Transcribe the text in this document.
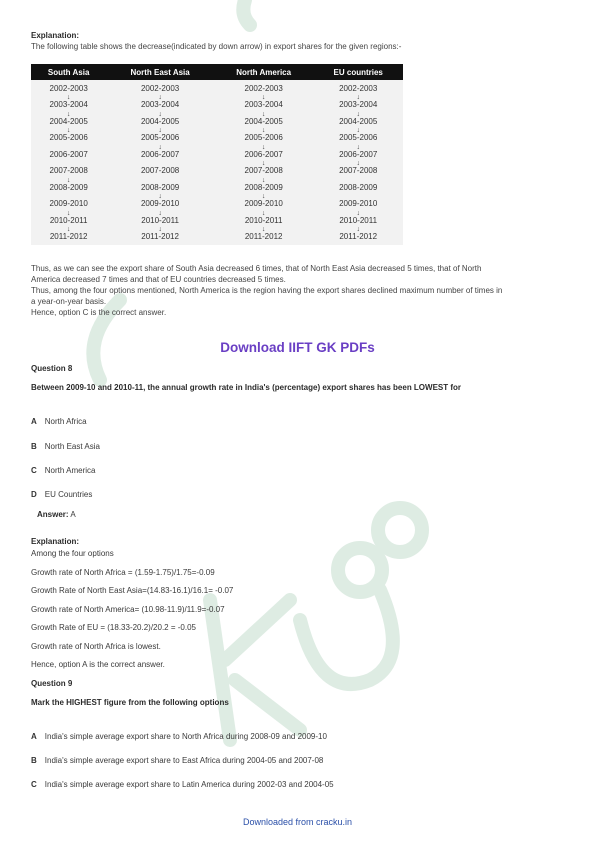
Explanation:
The following table shows the decrease(indicated by down arrow) in export shares for the given regions:-
South Asia	North East Asia	North America	EU countries
2002-2003	2002-2003	2002-2003	2002-2003

2003-2004	2003-2004	2003-2004	2003-2004

2004-2005	2004-2005	2004-2005	2004-2005

2005-2006	2005-2006	2005-2006	2005-2006
2006-2007	2006-2007	2006-2007	2006-2007
2007-2008	2007-2008	2007-2008	2007-2008

2008-2009	2008-2009	2008-2009	2008-2009
2009-2010	2009-2010	2009-2010	2009-2010

2010-2011	2010-2011	2010-2011	2010-2011

2011-2012	2011-2012	2011-2012	2011-2012
Thus, as we can see the export share of South Asia decreased 6 times, that of North East Asia decreased 5 times, that of North
America decreased 7 times and that of EU countries decreased 5 times.
Thus, among the four options mentioned, North America is the region having the export shares declined maximum number of times in
a year-on-year basis.
Hence, option C is the correct answer.
Download IIFT GK PDFs
Question 8
Between 2009-10 and 2010-11, the annual growth rate in India's (percentage) export shares has been LOWEST for
A North Africa
B North East Asia
C North America
D EU Countries
Answer: A
Explanation:
Among the four options
Growth rate of North Africa = (1.59-1.75)/1.75=-0.09
Growth Rate of North East Asia=(14.83-16.1)/16.1= -0.07
Growth rate of North America= (10.98-11.9)/11.9=-0.07
Growth Rate of EU = (18.33-20.2)/20.2 = -0.05
Growth rate of North Africa is lowest.
Hence, option A is the correct answer.
Question 9
Mark the HIGHEST figure from the following options
A India's simple average export share to North Africa during 2008-09 and 2009-10
B India's simple average export share to East Africa during 2004-05 and 2007-08
C India's simple average export share to Latin America during 2002-03 and 2004-05
Downloaded from cracku.in
